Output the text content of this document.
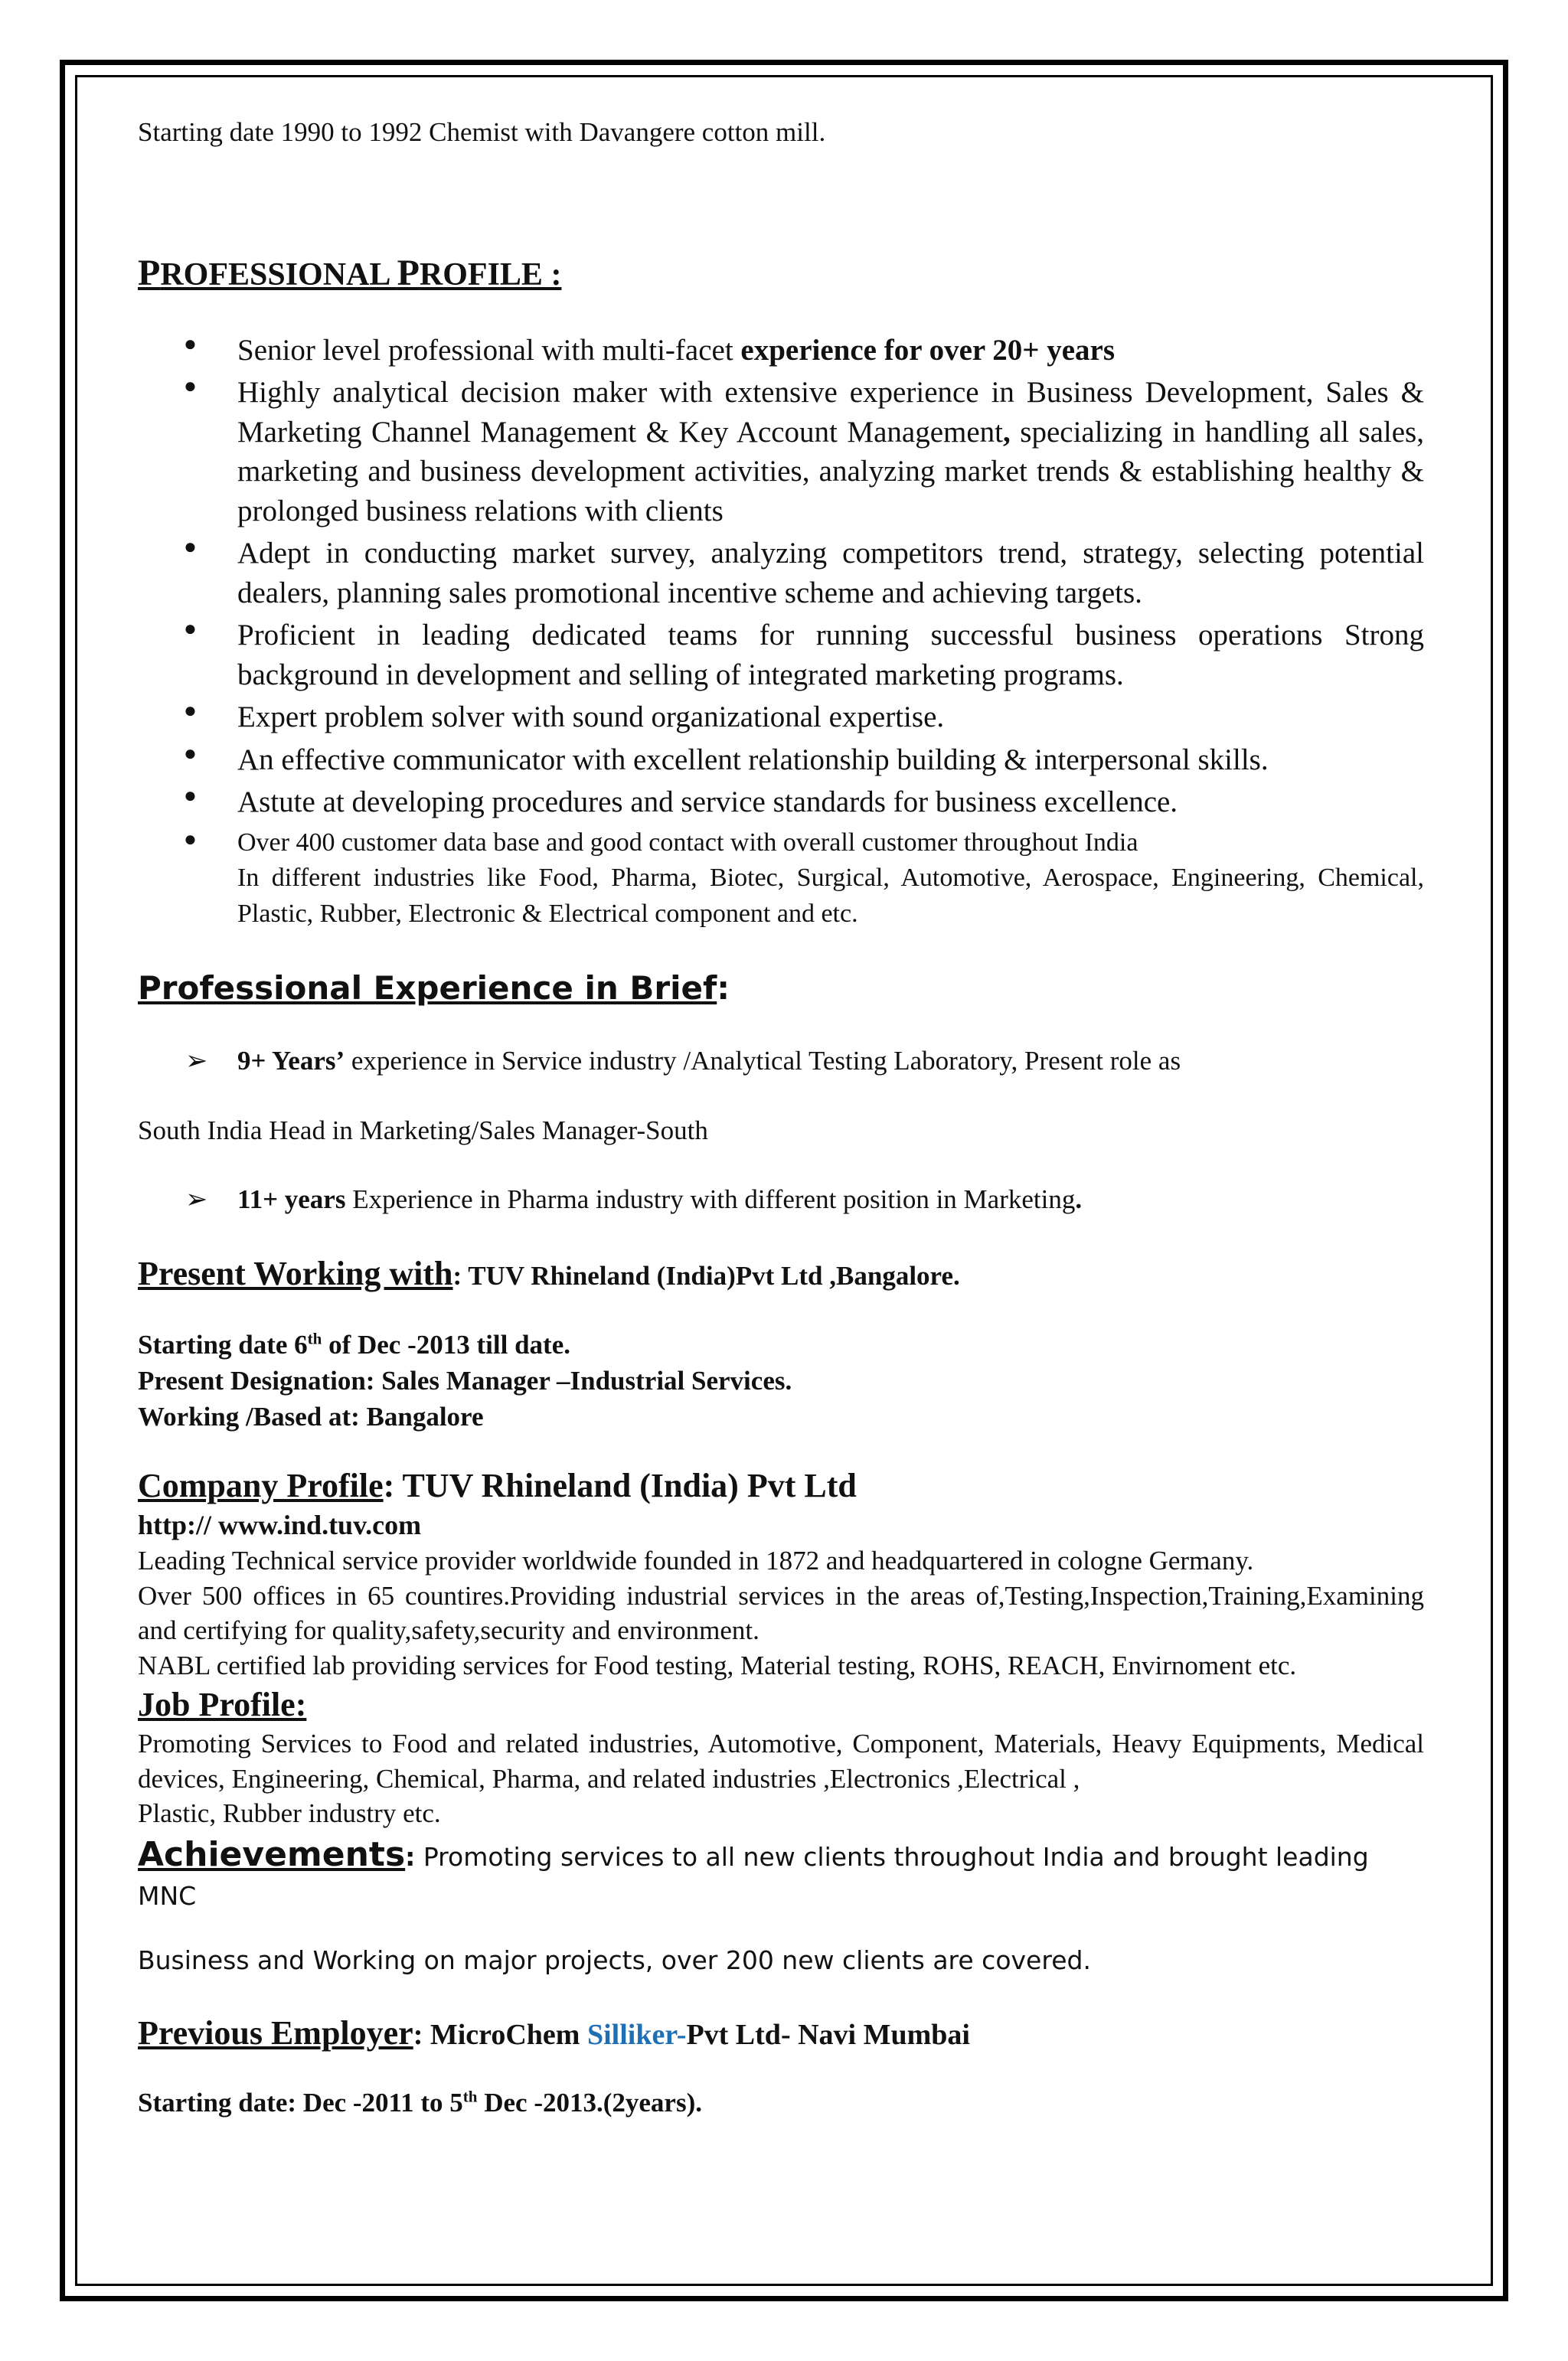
Starting date 1990 to 1992 Chemist with Davangere cotton mill.

PROFESSIONAL PROFILE :

● Senior level professional with multi-facet experience for over 20+ years
● Highly analytical decision maker with extensive experience in Business Development, Sales & Marketing Channel Management & Key Account Management, specializing in handling all sales, marketing and business development activities, analyzing market trends & establishing healthy & prolonged business relations with clients
● Adept in conducting market survey, analyzing competitors trend, strategy, selecting potential dealers, planning sales promotional incentive scheme and achieving targets.
● Proficient in leading dedicated teams for running successful business operations Strong background in development and selling of integrated marketing programs.
● Expert problem solver with sound organizational expertise.
● An effective communicator with excellent relationship building & interpersonal skills.
● Astute at developing procedures and service standards for business excellence.
● Over 400 customer data base and good contact with overall customer throughout India
In different industries like Food, Pharma, Biotec, Surgical, Automotive, Aerospace, Engineering, Chemical, Plastic, Rubber, Electronic & Electrical component and etc.

Professional Experience in Brief:

➢ 9+ Years’ experience in Service industry /Analytical Testing Laboratory, Present role as

South India Head in Marketing/Sales Manager-South

➢ 11+ years Experience in Pharma industry with different position in Marketing.

Present Working with: TUV Rhineland (India)Pvt Ltd ,Bangalore.

Starting date 6th of Dec -2013 till date.

Present Designation: Sales Manager –Industrial Services.

Working /Based at: Bangalore

Company Profile: TUV Rhineland (India) Pvt Ltd

http:// www.ind.tuv.com

Leading Technical service provider worldwide founded in 1872 and headquartered in cologne Germany.

Over 500 offices in 65 countires.Providing industrial services in the areas of,Testing,Inspection,Training,Examining and certifying for quality,safety,security and environment.

NABL certified lab providing services for Food testing, Material testing, ROHS, REACH, Envirnoment etc.

Job Profile:

Promoting Services to Food and related industries, Automotive, Component, Materials, Heavy Equipments, Medical devices, Engineering, Chemical, Pharma, and related industries ,Electronics ,Electrical ,

Plastic, Rubber industry etc.

Achievements: Promoting services to all new clients throughout India and brought leading MNC

Business and Working on major projects, over 200 new clients are covered.

Previous Employer: MicroChem Silliker-Pvt Ltd- Navi Mumbai

Starting date: Dec -2011 to 5th Dec -2013.(2years).
